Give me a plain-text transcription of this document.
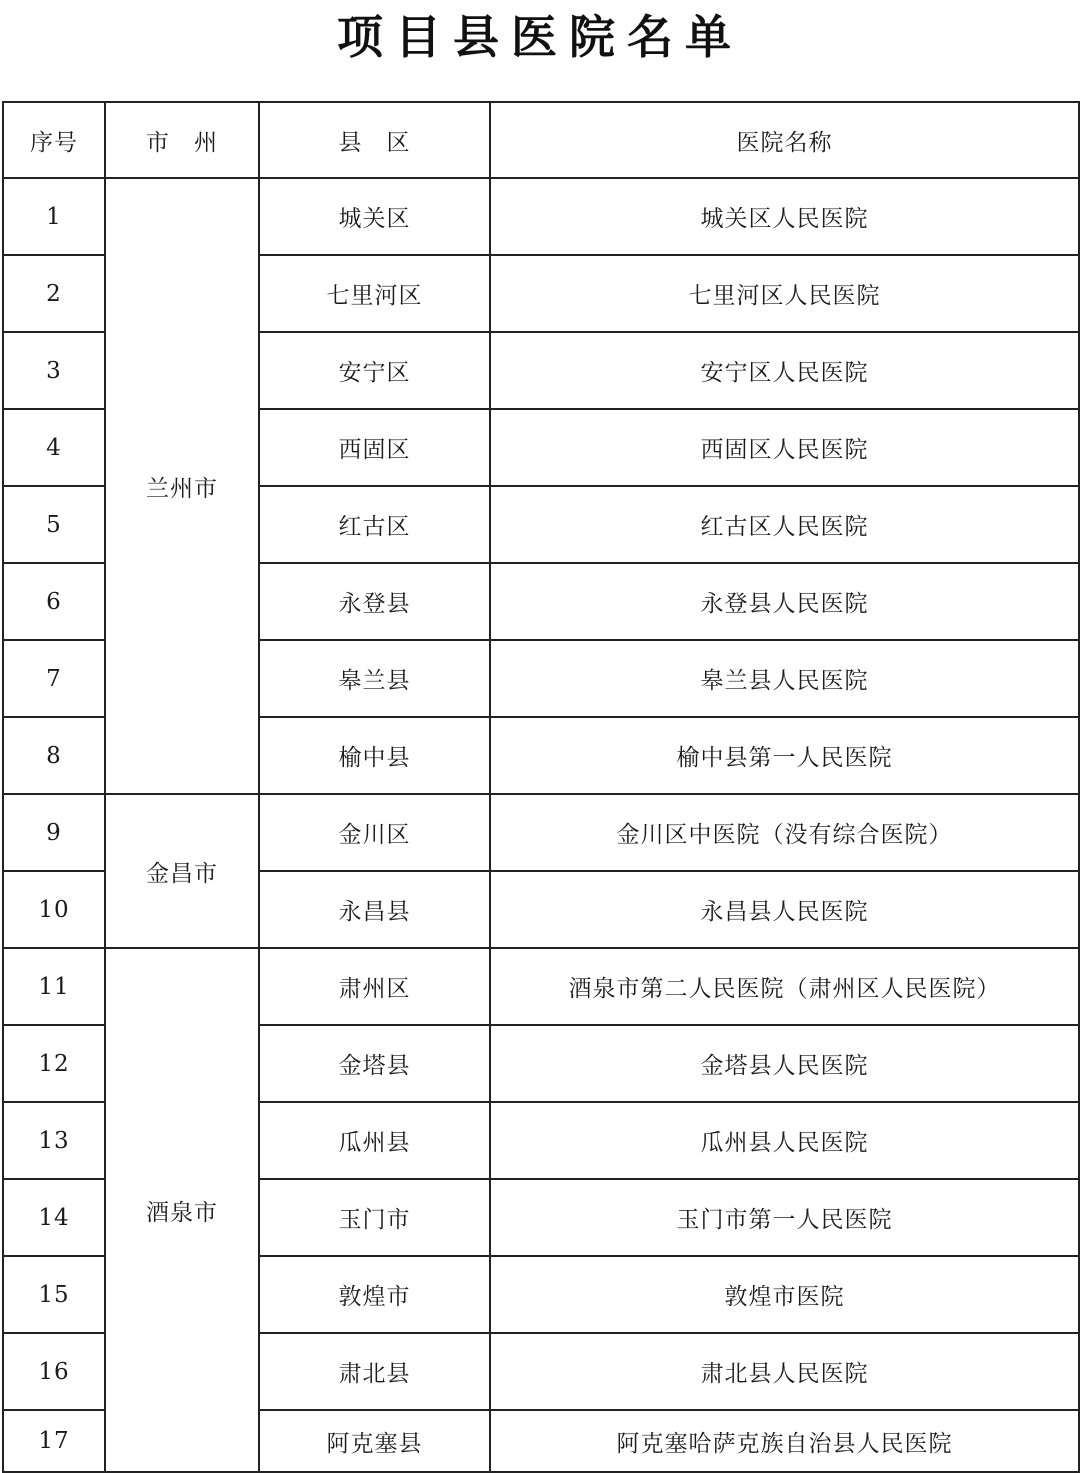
项目县医院名单
序号	市　州	县　区	医院名称
1	兰州市	城关区	城关区人民医院
2		七里河区	七里河区人民医院
3		安宁区	安宁区人民医院
4		西固区	西固区人民医院
5		红古区	红古区人民医院
6		永登县	永登县人民医院
7		皋兰县	皋兰县人民医院
8		榆中县	榆中县第一人民医院
9	金昌市	金川区	金川区中医院（没有综合医院）
10		永昌县	永昌县人民医院
11	酒泉市	肃州区	酒泉市第二人民医院（肃州区人民医院）
12		金塔县	金塔县人民医院
13		瓜州县	瓜州县人民医院
14		玉门市	玉门市第一人民医院
15		敦煌市	敦煌市医院
16		肃北县	肃北县人民医院
17		阿克塞县	阿克塞哈萨克族自治县人民医院
